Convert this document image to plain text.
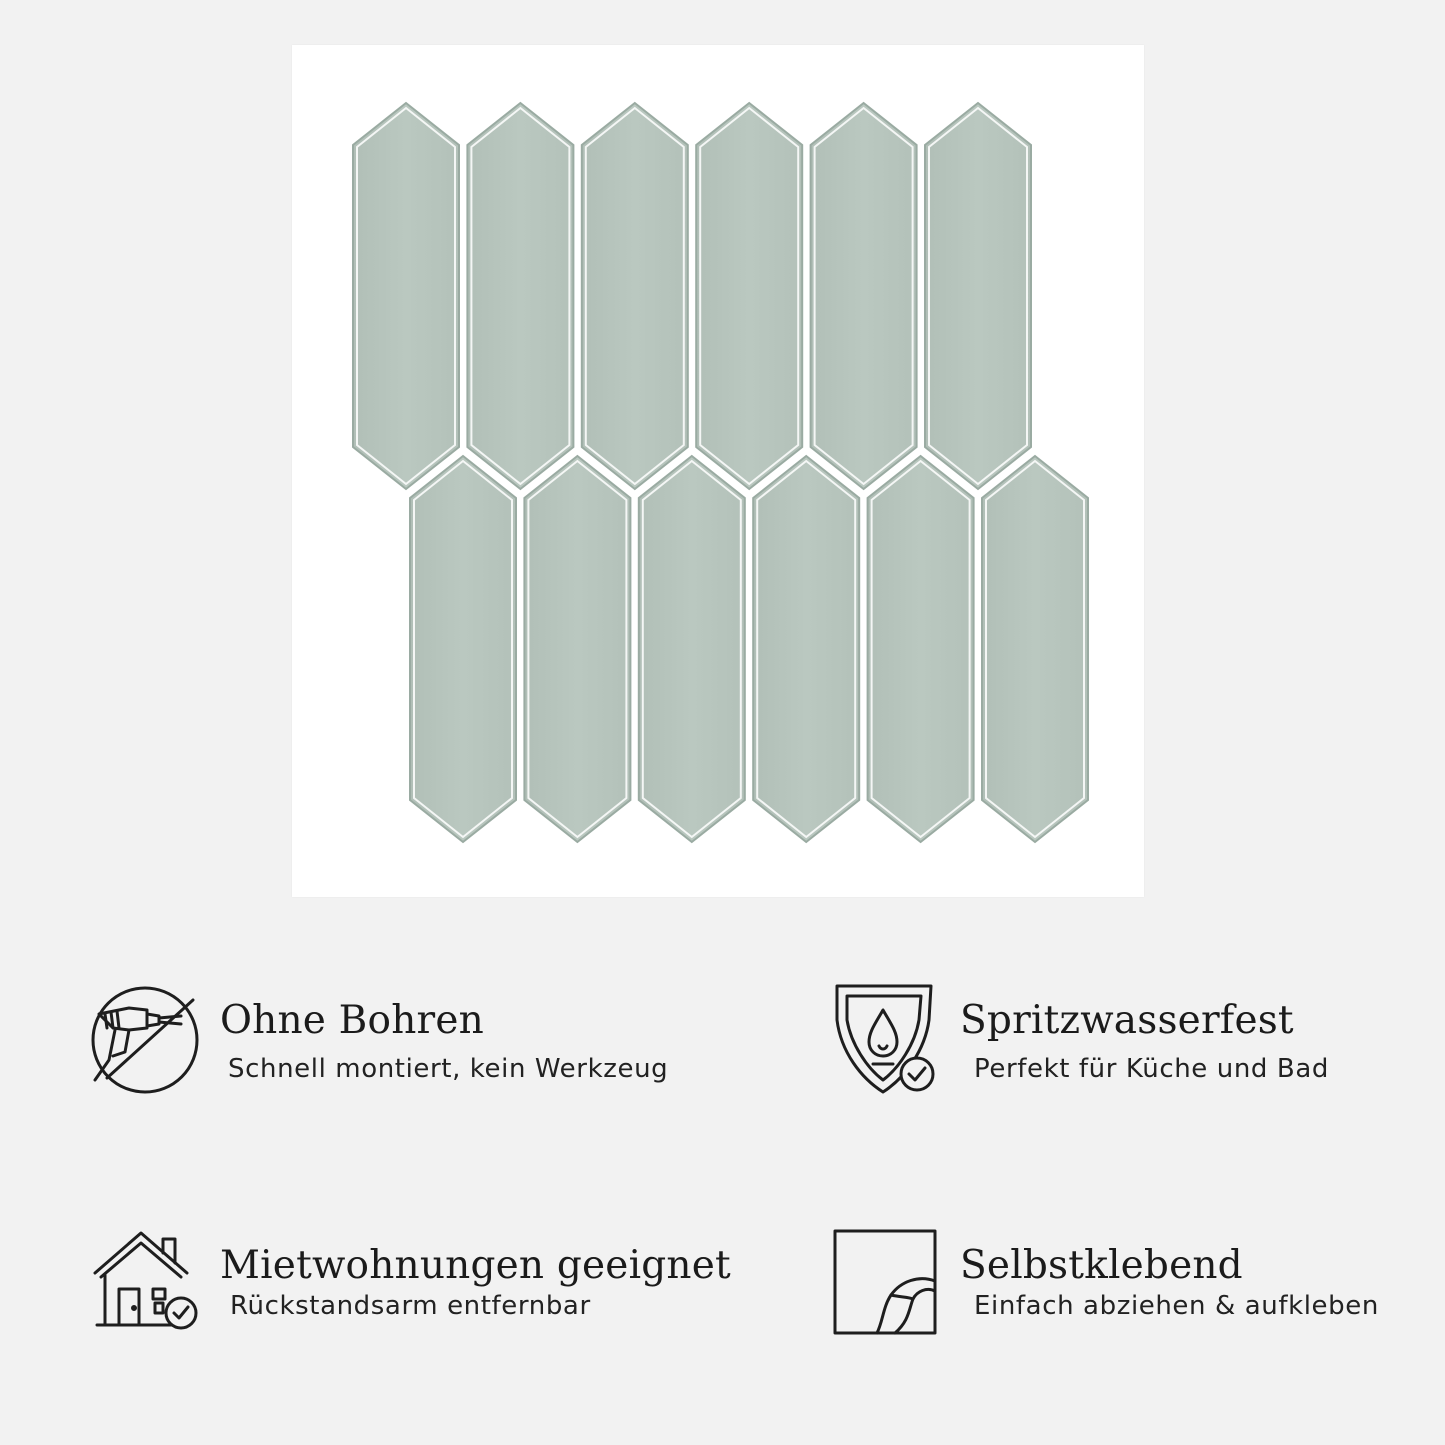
Ohne Bohren
Schnell montiert, kein Werkzeug
Spritzwasserfest
Perfekt für Küche und Bad
Mietwohnungen geeignet
Rückstandsarm entfernbar
Selbstklebend
Einfach abziehen & aufkleben
